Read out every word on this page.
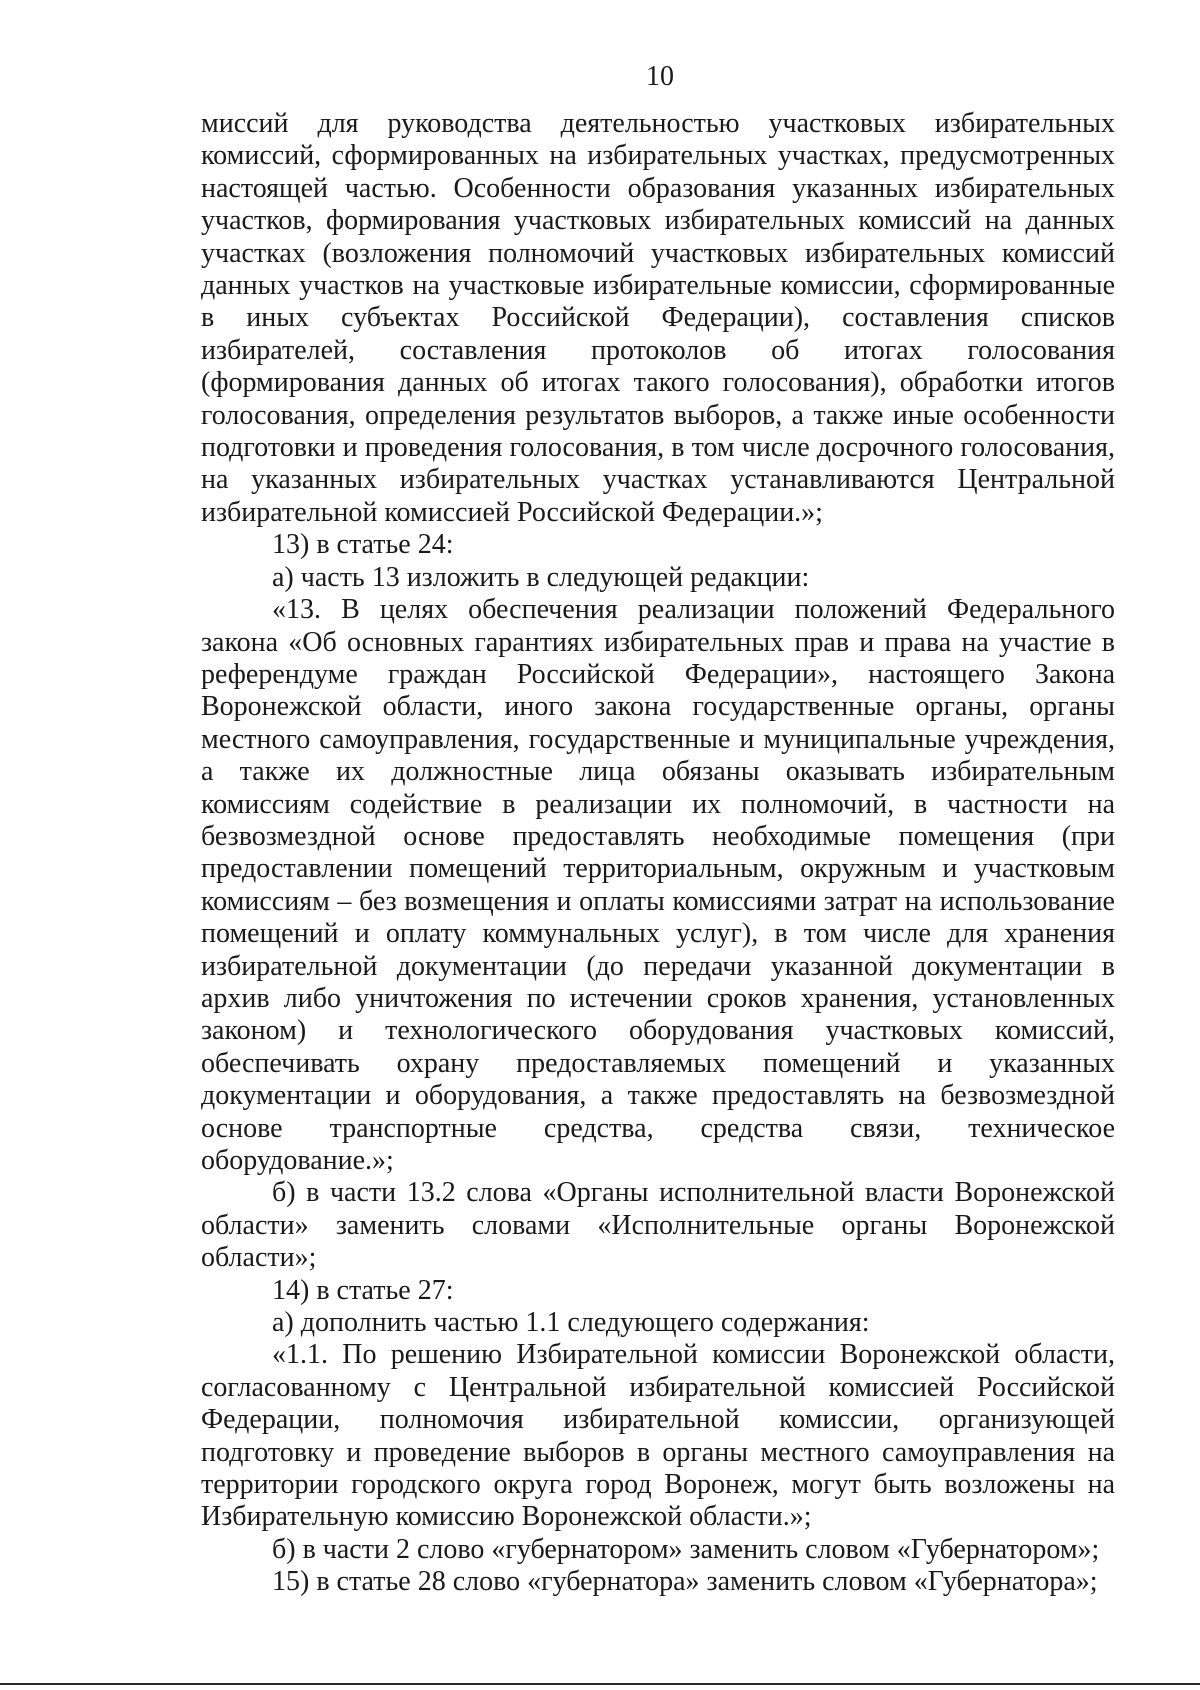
10

миссий для руководства деятельностью участковых избирательных комиссий, сформированных на избирательных участках, предусмотренных настоящей частью. Особенности образования указанных избирательных участков, формирования участковых избирательных комиссий на данных участках (возложения полномочий участковых избирательных комиссий данных участков на участковые избирательные комиссии, сформированные в иных субъектах Российской Федерации), составления списков избирателей, составления протоколов об итогах голосования (формирования данных об итогах такого голосования), обработки итогов голосования, определения результатов выборов, а также иные особенности подготовки и проведения голосования, в том числе досрочного голосования, на указанных избирательных участках устанавливаются Центральной избирательной комиссией Российской Федерации.»;

13) в статье 24:

а) часть 13 изложить в следующей редакции:

«13. В целях обеспечения реализации положений Федерального закона «Об основных гарантиях избирательных прав и права на участие в референдуме граждан Российской Федерации», настоящего Закона Воронежской области, иного закона государственные органы, органы местного самоуправления, государственные и муниципальные учреждения, а также их должностные лица обязаны оказывать избирательным комиссиям содействие в реализации их полномочий, в частности на безвозмездной основе предоставлять необходимые помещения (при предоставлении помещений территориальным, окружным и участковым комиссиям – без возмещения и оплаты комиссиями затрат на использование помещений и оплату коммунальных услуг), в том числе для хранения избирательной документации (до передачи указанной документации в архив либо уничтожения по истечении сроков хранения, установленных законом) и технологического оборудования участковых комиссий, обеспечивать охрану предоставляемых помещений и указанных документации и оборудования, а также предоставлять на безвозмездной основе транспортные средства, средства связи, техническое оборудование.»;

б) в части 13.2 слова «Органы исполнительной власти Воронежской области» заменить словами «Исполнительные органы Воронежской области»;

14) в статье 27:

а) дополнить частью 1.1 следующего содержания:

«1.1. По решению Избирательной комиссии Воронежской области, согласованному с Центральной избирательной комиссией Российской Федерации, полномочия избирательной комиссии, организующей подготовку и проведение выборов в органы местного самоуправления на территории городского округа город Воронеж, могут быть возложены на Избирательную комиссию Воронежской области.»;

б) в части 2 слово «губернатором» заменить словом «Губернатором»;

15) в статье 28 слово «губернатора» заменить словом «Губернатора»;
